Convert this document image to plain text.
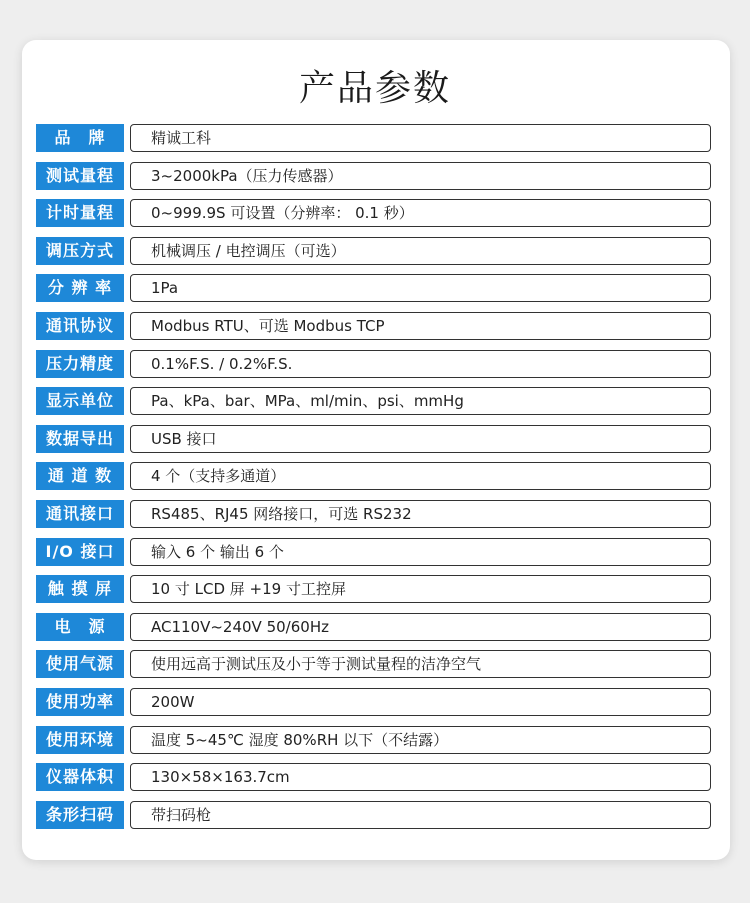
产品参数
品　牌	精诚工科
测试量程	3~2000kPa（压力传感器）
计时量程	0~999.9S 可设置（分辨率： 0.1 秒）
调压方式	机械调压 / 电控调压（可选）
分 辨 率	1Pa
通讯协议	Modbus RTU、可选 Modbus TCP
压力精度	0.1%F.S. / 0.2%F.S.
显示单位	Pa、kPa、bar、MPa、ml/min、psi、mmHg
数据导出	USB 接口
通 道 数	4 个（支持多通道）
通讯接口	RS485、RJ45 网络接口，可选 RS232
I/O 接口	输入 6 个 输出 6 个
触 摸 屏	10 寸 LCD 屏 +19 寸工控屏
电　源	AC110V~240V 50/60Hz
使用气源	使用远高于测试压及小于等于测试量程的洁净空气
使用功率	200W
使用环境	温度 5~45℃ 湿度 80%RH 以下（不结露）
仪器体积	130×58×163.7cm
条形扫码	带扫码枪
